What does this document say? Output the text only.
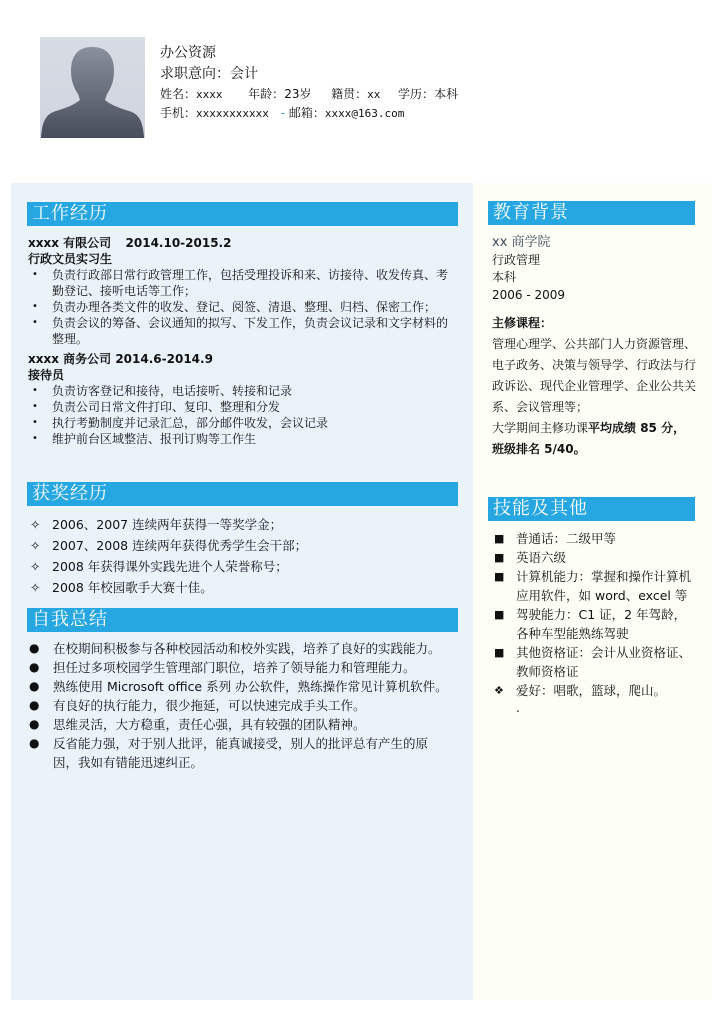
办公资源
求职意向：会计
姓名：xxxx 年龄：23岁 籍贯：xx 学历：本科
手机：xxxxxxxxxxx - 邮箱：xxxx@163.com
工作经历
xxxx 有限公司 2014.10-2015.2
行政文员实习生
• 负责行政部日常行政管理工作，包括受理投诉和来、访接待、收发传真、考勤登记、接听电话等工作；
• 负责办理各类文件的收发、登记、阅签、清退、整理、归档、保密工作；
• 负责会议的筹备、会议通知的拟写、下发工作，负责会议记录和文字材料的整理。
xxxx 商务公司 2014.6-2014.9
接待员
• 负责访客登记和接待，电话接听、转接和记录
• 负责公司日常文件打印、复印、整理和分发
• 执行考勤制度并记录汇总，部分邮件收发，会议记录
• 维护前台区域整洁、报刊订购等工作生
获奖经历
✧ 2006、2007 连续两年获得一等奖学金；
✧ 2007、2008 连续两年获得优秀学生会干部；
✧ 2008 年获得课外实践先进个人荣誉称号；
✧ 2008 年校园歌手大赛十佳。
自我总结
● 在校期间积极参与各种校园活动和校外实践，培养了良好的实践能力。
● 担任过多项校园学生管理部门职位，培养了领导能力和管理能力。
● 熟练使用 Microsoft office 系列 办公软件，熟练操作常见计算机软件。
● 有良好的执行能力，很少拖延，可以快速完成手头工作。
● 思维灵活，大方稳重，责任心强，具有较强的团队精神。
● 反省能力强，对于别人批评，能真诚接受，别人的批评总有产生的原因，我如有错能迅速纠正。
教育背景
xx 商学院
行政管理
本科
2006 - 2009
主修课程：
管理心理学、公共部门人力资源管理、电子政务、决策与领导学、行政法与行政诉讼、现代企业管理学、企业公共关系、会议管理等；
大学期间主修功课平均成绩 85 分，班级排名 5/40。
技能及其他
■ 普通话：二级甲等
■ 英语六级
■ 计算机能力：掌握和操作计算机应用软件，如 word、excel 等
■ 驾驶能力：C1 证，2 年驾龄，各种车型能熟练驾驶
■ 其他资格证：会计从业资格证、教师资格证
❖ 爱好：唱歌，篮球，爬山。
.
